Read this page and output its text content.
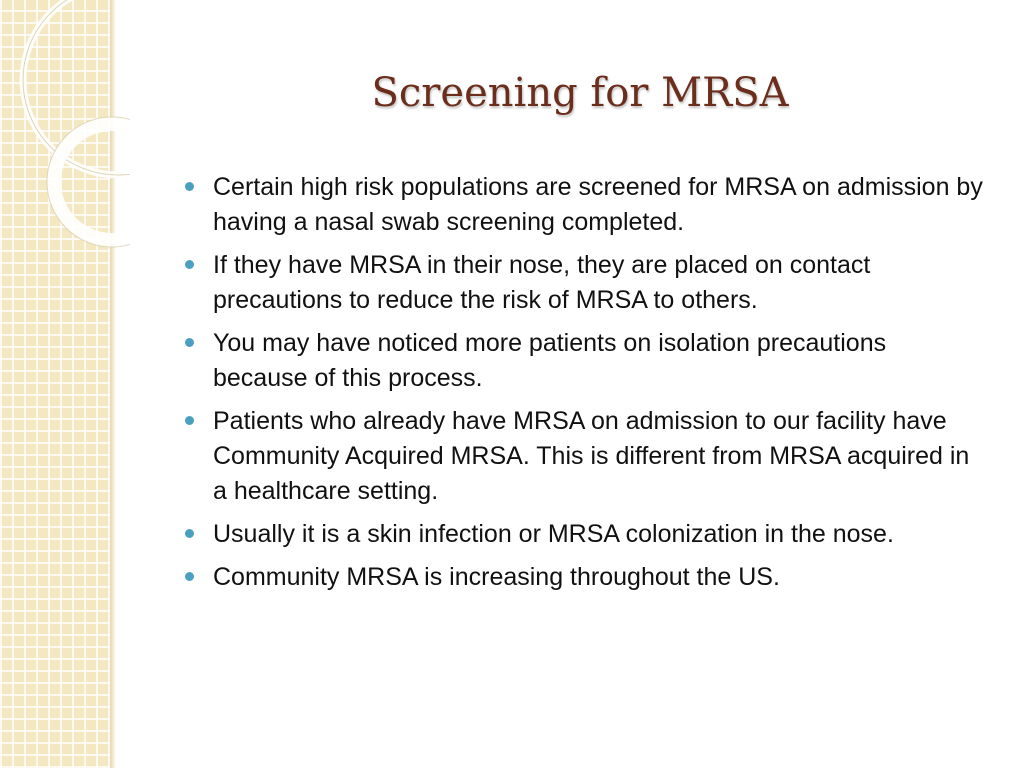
Screening for MRSA
Certain high risk populations are screened for MRSA on admission by having a nasal swab screening completed.
If they have MRSA in their nose, they are placed on contact precautions to reduce the risk of MRSA to others.
You may have noticed more patients on isolation precautions because of this process.
Patients who already have MRSA on admission to our facility have Community Acquired MRSA. This is different from MRSA acquired in a healthcare setting.
Usually it is a skin infection or MRSA colonization in the nose.
Community MRSA is increasing throughout the US.
